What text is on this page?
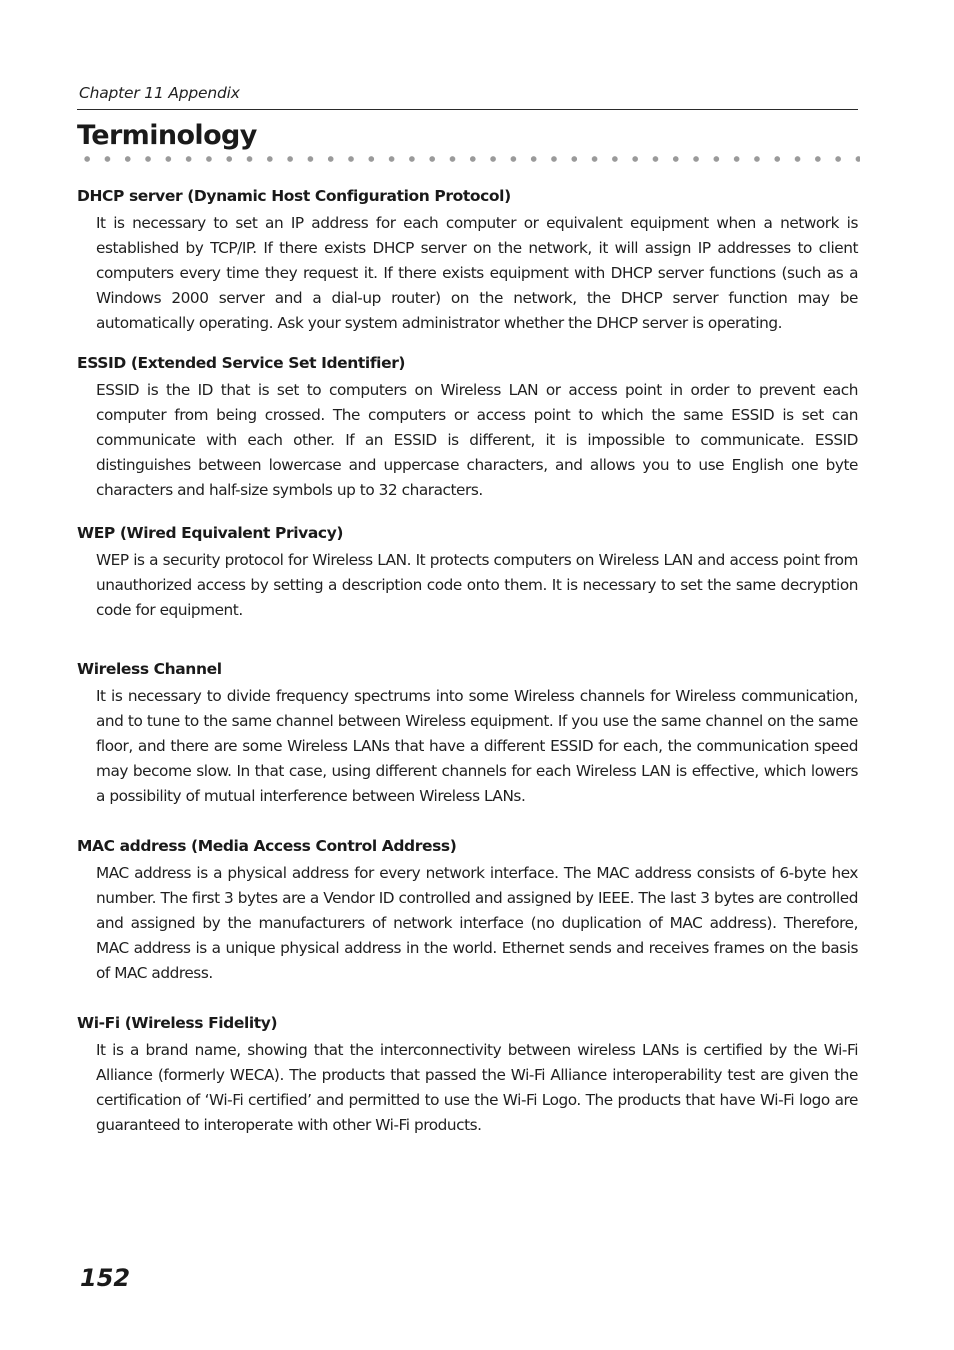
Chapter 11 Appendix
Terminology
DHCP server (Dynamic Host Configuration Protocol)

It is necessary to set an IP address for each computer or equivalent equipment when a network is established by TCP/IP. If there exists DHCP server on the network, it will assign IP addresses to client computers every time they request it. If there exists equipment with DHCP server functions (such as a Windows 2000 server and a dial-up router) on the network, the DHCP server function may be automatically operating. Ask your system administrator whether the DHCP server is operating.

ESSID (Extended Service Set Identifier)

ESSID is the ID that is set to computers on Wireless LAN or access point in order to prevent each computer from being crossed. The computers or access point to which the same ESSID is set can communicate with each other. If an ESSID is different, it is impossible to communicate. ESSID distinguishes between lowercase and uppercase characters, and allows you to use English one byte characters and half-size symbols up to 32 characters.

WEP (Wired Equivalent Privacy)

WEP is a security protocol for Wireless LAN. It protects computers on Wireless LAN and access point from unauthorized access by setting a description code onto them. It is necessary to set the same decryption code for equipment.

Wireless Channel

It is necessary to divide frequency spectrums into some Wireless channels for Wireless communication, and to tune to the same channel between Wireless equipment. If you use the same channel on the same floor, and there are some Wireless LANs that have a different ESSID for each, the communication speed may become slow. In that case, using different channels for each Wireless LAN is effective, which lowers a possibility of mutual interference between Wireless LANs.

MAC address (Media Access Control Address)

MAC address is a physical address for every network interface. The MAC address consists of 6-byte hex number. The first 3 bytes are a Vendor ID controlled and assigned by IEEE. The last 3 bytes are controlled and assigned by the manufacturers of network interface (no duplication of MAC address). Therefore, MAC address is a unique physical address in the world. Ethernet sends and receives frames on the basis of MAC address.

Wi-Fi (Wireless Fidelity)

It is a brand name, showing that the interconnectivity between wireless LANs is certified by the Wi-Fi Alliance (formerly WECA). The products that passed the Wi-Fi Alliance interoperability test are given the certification of ‘Wi-Fi certified’ and permitted to use the Wi-Fi Logo. The products that have Wi-Fi logo are guaranteed to interoperate with other Wi-Fi products.

152
